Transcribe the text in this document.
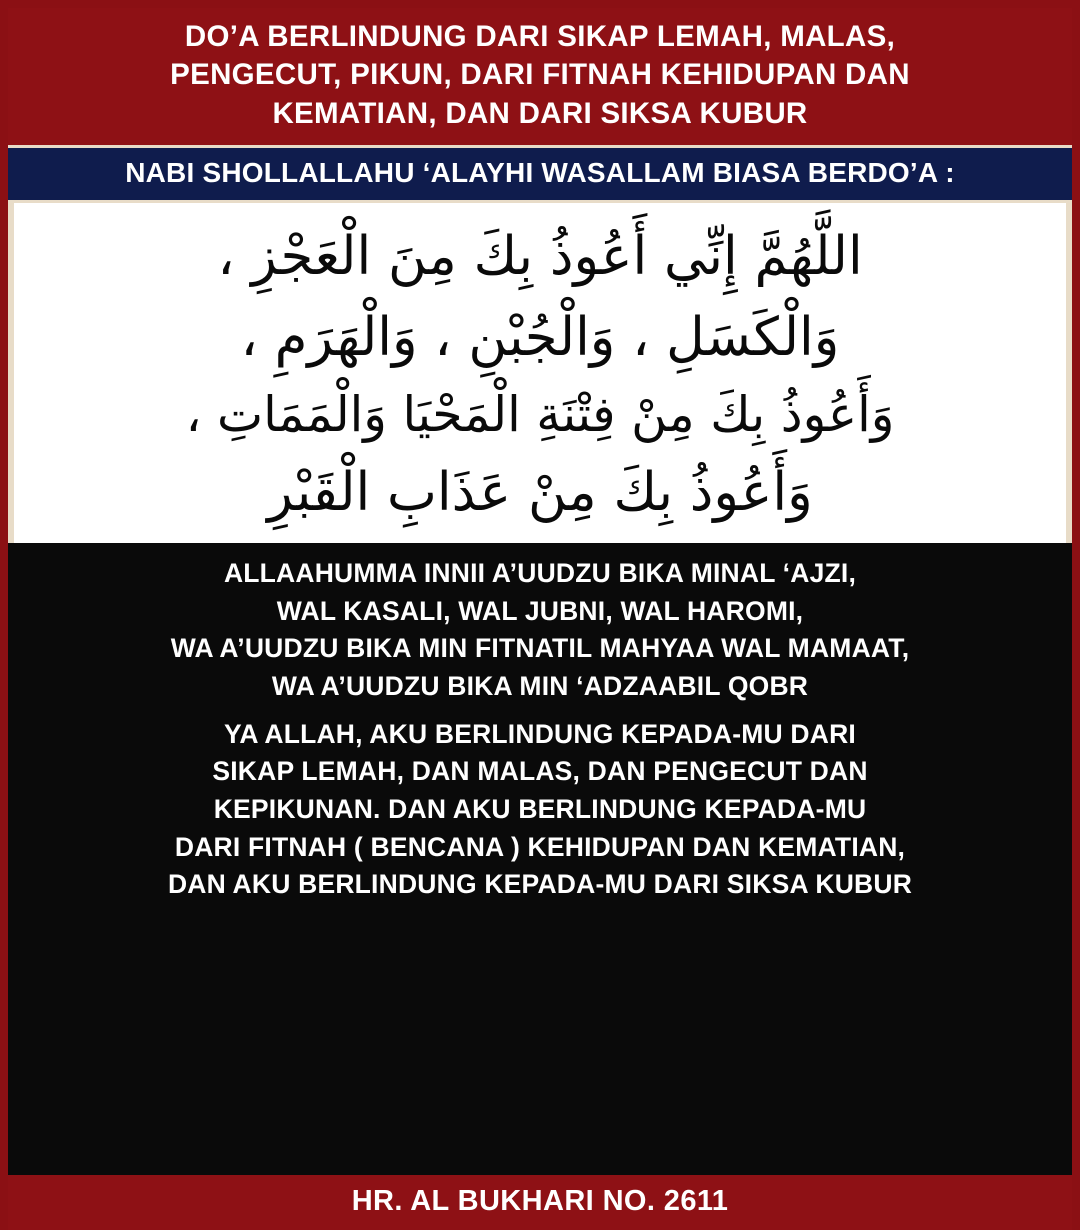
DO’A BERLINDUNG DARI SIKAP LEMAH, MALAS,
PENGECUT, PIKUN, DARI FITNAH KEHIDUPAN DAN
KEMATIAN, DAN DARI SIKSA KUBUR
NABI SHOLLALLAHU ‘ALAYHI WASALLAM BIASA BERDO’A :
اللَّهُمَّ إِنِّي أَعُوذُ بِكَ مِنَ الْعَجْزِ ،
وَالْكَسَلِ ، وَالْجُبْنِ ، وَالْهَرَمِ ،
وَأَعُوذُ بِكَ مِنْ فِتْنَةِ الْمَحْيَا وَالْمَمَاتِ ،
وَأَعُوذُ بِكَ مِنْ عَذَابِ الْقَبْرِ
ALLAAHUMMA INNII A’UUDZU BIKA MINAL ‘AJZI,
WAL KASALI, WAL JUBNI, WAL HAROMI,
WA A’UUDZU BIKA MIN FITNATIL MAHYAA WAL MAMAAT,
WA A’UUDZU BIKA MIN ‘ADZAABIL QOBR
YA ALLAH, AKU BERLINDUNG KEPADA-MU DARI
SIKAP LEMAH, DAN MALAS, DAN PENGECUT DAN
KEPIKUNAN. DAN AKU BERLINDUNG KEPADA-MU
DARI FITNAH ( BENCANA ) KEHIDUPAN DAN KEMATIAN,
DAN AKU BERLINDUNG KEPADA-MU DARI SIKSA KUBUR
HR. AL BUKHARI NO. 2611
